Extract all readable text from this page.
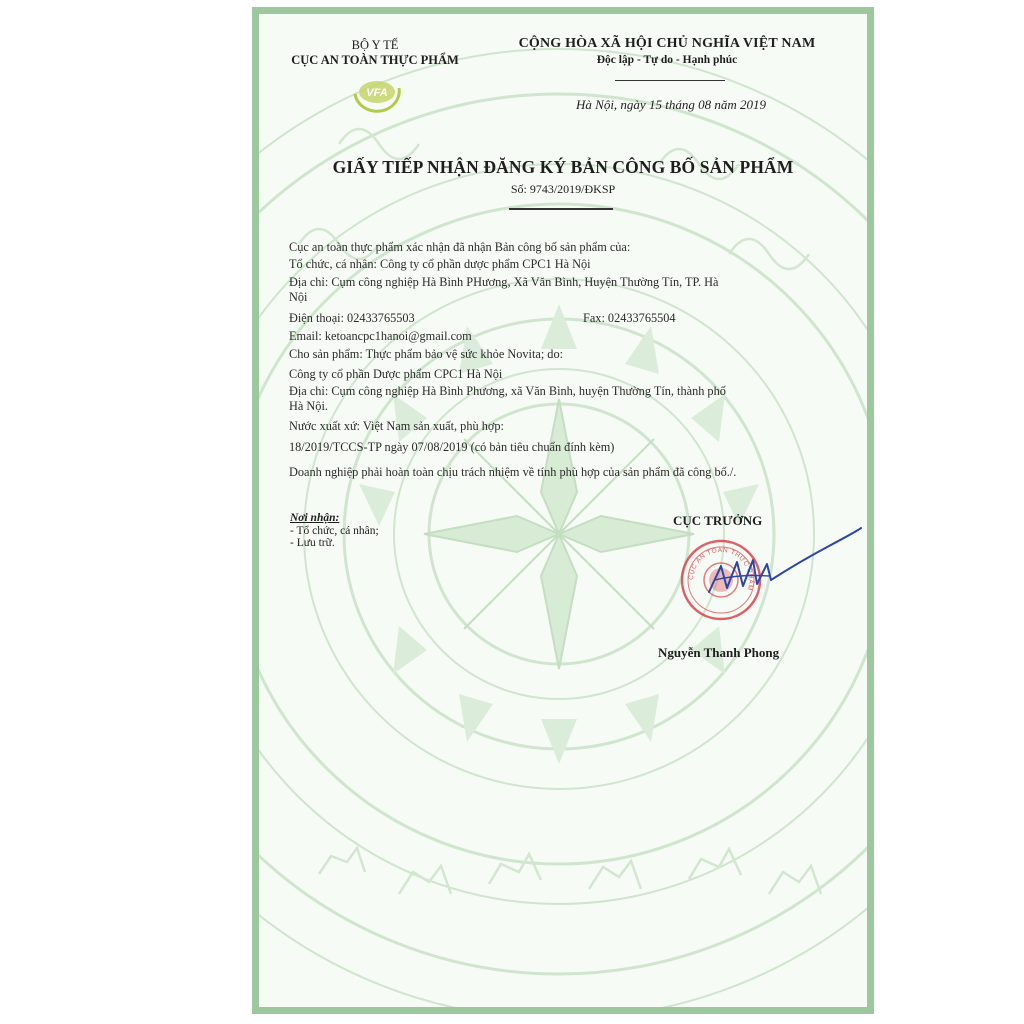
BỘ Y TẾ
CỤC AN TOÀN THỰC PHẨM
VFA
CỘNG HÒA XÃ HỘI CHỦ NGHĨA VIỆT NAM
Độc lập - Tự do - Hạnh phúc
Hà Nội, ngày 15 tháng 08 năm 2019
GIẤY TIẾP NHẬN ĐĂNG KÝ BẢN CÔNG BỐ SẢN PHẨM
Số: 9743/2019/ĐKSP
Cục an toàn thực phẩm xác nhận đã nhận Bản công bố sản phẩm của:
Tổ chức, cá nhân: Công ty cổ phần dược phẩm CPC1 Hà Nội
Địa chỉ: Cụm công nghiệp Hà Bình PHương, Xã Văn Bình, Huyện Thường Tín, TP. Hà
Nội
Điện thoại: 02433765503	Fax: 02433765504
Email: ketoancpc1hanoi@gmail.com
Cho sản phẩm: Thực phẩm bảo vệ sức khỏe Novita; do:
Công ty cổ phần Dược phẩm CPC1 Hà Nội
Địa chỉ: Cụm công nghiệp Hà Bình Phương, xã Văn Bình, huyện Thường Tín, thành phố
Hà Nội.
Nước xuất xứ: Việt Nam sản xuất, phù hợp:
18/2019/TCCS-TP ngày 07/08/2019 (có bản tiêu chuẩn đính kèm)
Doanh nghiệp phải hoàn toàn chịu trách nhiệm về tính phù hợp của sản phẩm đã công bố./.
Nơi nhận:
- Tổ chức, cá nhân;
- Lưu trữ.
CỤC TRƯỞNG
CỤC AN TOÀN THỰC PHẨM
Nguyễn Thanh Phong
